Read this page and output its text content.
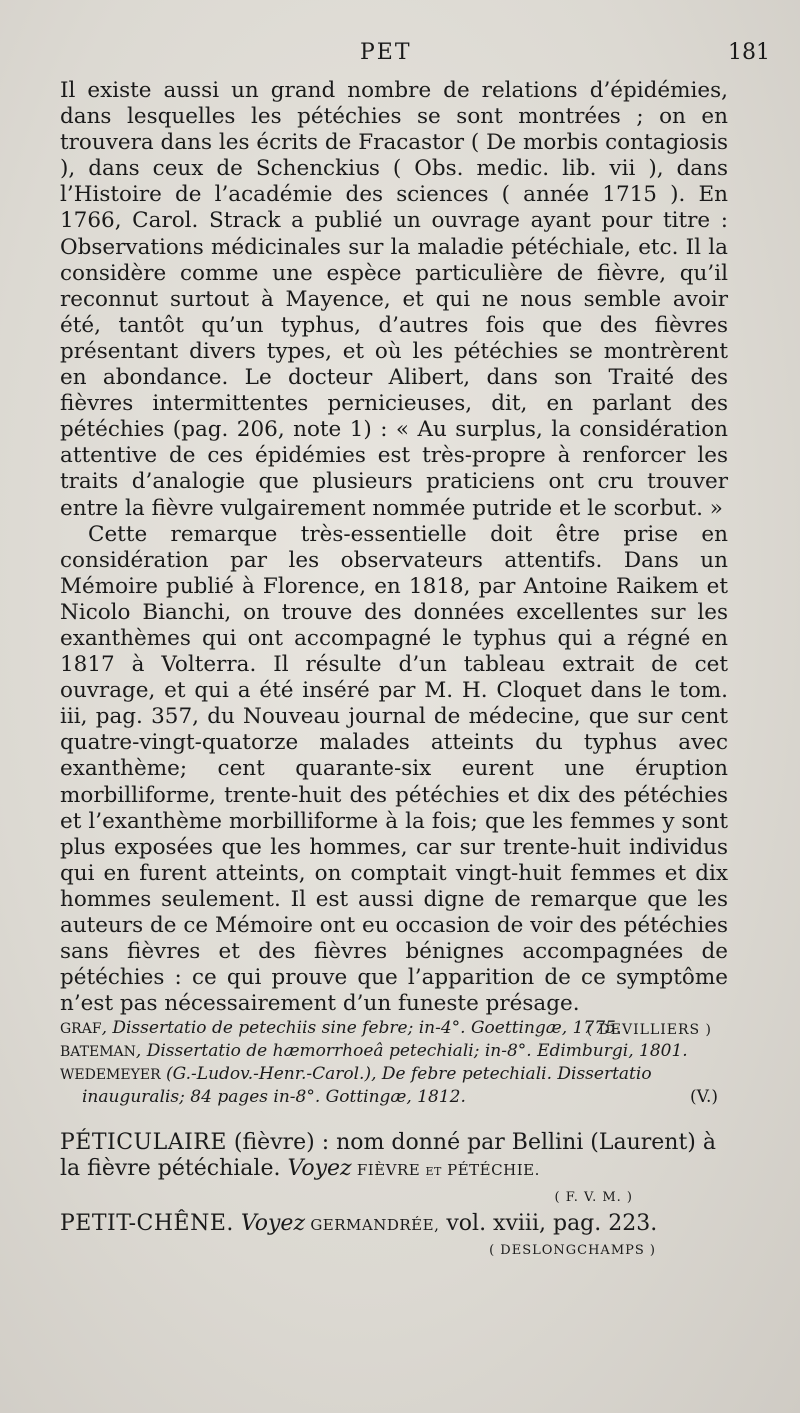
PET	181

Il existe aussi un grand nombre de relations d’épidémies, dans lesquelles les pétéchies se sont montrées ; on en trouvera dans les écrits de Fracastor ( De morbis contagiosis ), dans ceux de Schenckius ( Obs. medic. lib. vii ), dans l’Histoire de l’académie des sciences ( année 1715 ). En 1766, Carol. Strack a publié un ouvrage ayant pour titre : Observations médicinales sur la maladie pétéchiale, etc. Il la considère comme une espèce particulière de fièvre, qu’il reconnut surtout à Mayence, et qui ne nous semble avoir été, tantôt qu’un typhus, d’autres fois que des fièvres présentant divers types, et où les pétéchies se montrèrent en abondance. Le docteur Alibert, dans son Traité des fièvres intermittentes pernicieuses, dit, en parlant des pétéchies (pag. 206, note 1) : « Au surplus, la considération attentive de ces épidémies est très-propre à renforcer les traits d’analogie que plusieurs praticiens ont cru trouver entre la fièvre vulgairement nommée putride et le scorbut. »

Cette remarque très-essentielle doit être prise en considération par les observateurs attentifs. Dans un Mémoire publié à Florence, en 1818, par Antoine Raikem et Nicolo Bianchi, on trouve des données excellentes sur les exanthèmes qui ont accompagné le typhus qui a régné en 1817 à Volterra. Il résulte d’un tableau extrait de cet ouvrage, et qui a été inséré par M. H. Cloquet dans le tom. iii, pag. 357, du Nouveau journal de médecine, que sur cent quatre-vingt-quatorze malades atteints du typhus avec exanthème; cent quarante-six eurent une éruption morbilliforme, trente-huit des pétéchies et dix des pétéchies et l’exanthème morbilliforme à la fois; que les femmes y sont plus exposées que les hommes, car sur trente-huit individus qui en furent atteints, on comptait vingt-huit femmes et dix hommes seulement. Il est aussi digne de remarque que les auteurs de ce Mémoire ont eu occasion de voir des pétéchies sans fièvres et des fièvres bénignes accompagnées de pétéchies : ce qui prouve que l’apparition de ce symptôme n’est pas nécessairement d’un funeste présage.

( DEVILLIERS )

GRAF, Dissertatio de petechiis sine febre; in-4°. Goettingæ, 1775.

BATEMAN, Dissertatio de hæmorrhoeâ petechiali; in-8°. Edimburgi, 1801.

WEDEMEYER (G.-Ludov.-Henr.-Carol.), De febre petechiali. Dissertatio inauguralis; 84 pages in-8°. Gottingæ, 1812.	(V.)

PÉTICULAIRE (fièvre) : nom donné par Bellini (Laurent) à la fièvre pétéchiale. Voyez FIÈVRE et PÉTÉCHIE.

( F. V. M. )

PETIT-CHÊNE. Voyez GERMANDRÉE, vol. xviii, pag. 223.

( DESLONGCHAMPS )
